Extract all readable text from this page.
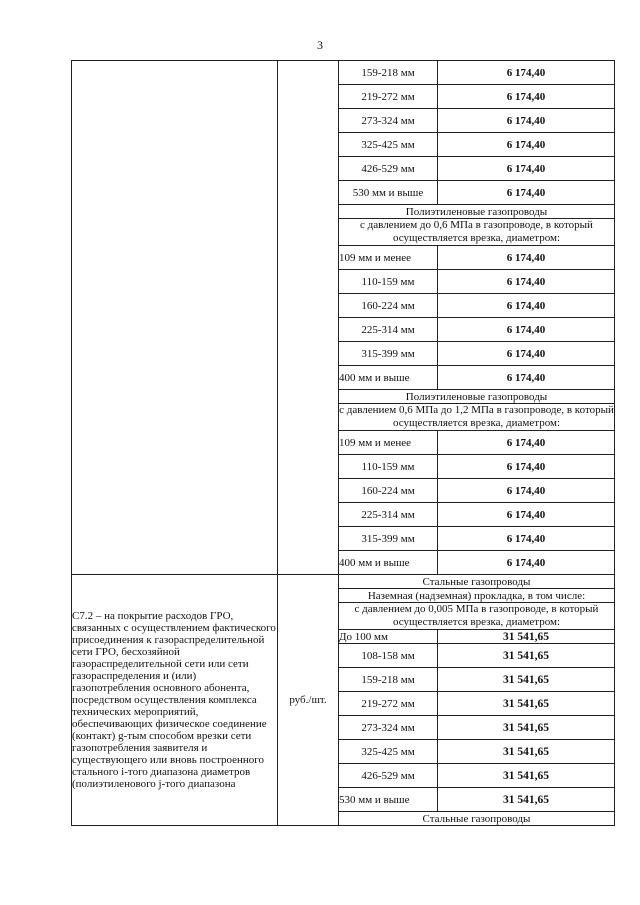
3
		159-218 мм	6 174,40
		219-272 мм	6 174,40
		273-324 мм	6 174,40
		325-425 мм	6 174,40
		426-529 мм	6 174,40
		530 мм и выше	6 174,40
		Полиэтиленовые газопроводы	
		с давлением до 0,6 МПа в газопроводе, в который осуществляется врезка, диаметром:	
		109 мм и менее	6 174,40
		110-159 мм	6 174,40
		160-224 мм	6 174,40
		225-314 мм	6 174,40
		315-399 мм	6 174,40
		400 мм и выше	6 174,40
		Полиэтиленовые газопроводы	
		с давлением 0,6 МПа до 1,2 МПа в газопроводе, в который осуществляется врезка, диаметром:	
		109 мм и менее	6 174,40
		110-159 мм	6 174,40
		160-224 мм	6 174,40
		225-314 мм	6 174,40
		315-399 мм	6 174,40
		400 мм и выше	6 174,40
С7.2 – на покрытие расходов ГРО, связанных с осуществлением фактического присоединения к газораспределительной сети ГРО, бесхозяйной газораспределительной сети или сети газораспределения и (или) газопотребления основного абонента, посредством осуществления комплекса технических мероприятий, обеспечивающих физическое соединение (контакт) g-тым способом врезки сети газопотребления заявителя и существующего или вновь построенного стального i-того диапазона диаметров (полиэтиленового j-того диапазона	руб./шт.	Стальные газопроводы	
		Наземная (надземная) прокладка, в том числе:	
		с давлением до 0,005 МПа в газопроводе, в который осуществляется врезка, диаметром:	
		До 100 мм	31 541,65
		108-158 мм	31 541,65
		159-218 мм	31 541,65
		219-272 мм	31 541,65
		273-324 мм	31 541,65
		325-425 мм	31 541,65
		426-529 мм	31 541,65
		530 мм и выше	31 541,65
		Стальные газопроводы	
